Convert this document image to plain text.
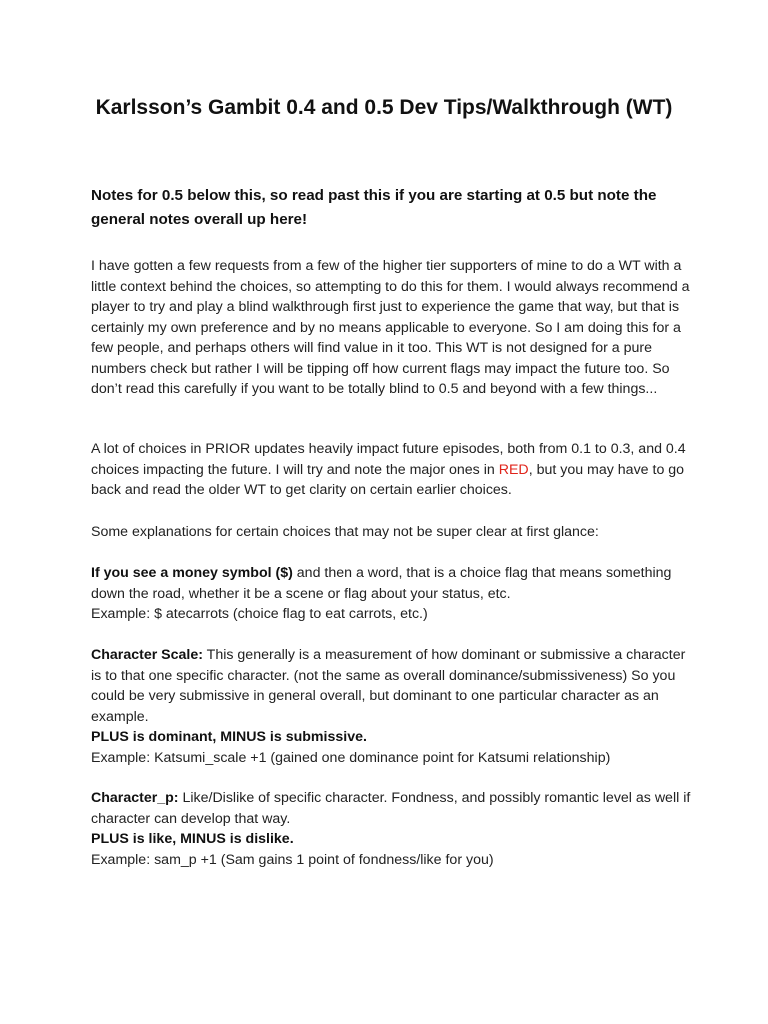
Karlsson’s Gambit 0.4 and 0.5 Dev Tips/Walkthrough (WT)

Notes for 0.5 below this, so read past this if you are starting at 0.5 but note the general notes overall up here!

I have gotten a few requests from a few of the higher tier supporters of mine to do a WT with a little context behind the choices, so attempting to do this for them. I would always recommend a player to try and play a blind walkthrough first just to experience the game that way, but that is certainly my own preference and by no means applicable to everyone. So I am doing this for a few people, and perhaps others will find value in it too. This WT is not designed for a pure numbers check but rather I will be tipping off how current flags may impact the future too. So don’t read this carefully if you want to be totally blind to 0.5 and beyond with a few things...

A lot of choices in PRIOR updates heavily impact future episodes, both from 0.1 to 0.3, and 0.4 choices impacting the future. I will try and note the major ones in RED, but you may have to go back and read the older WT to get clarity on certain earlier choices.

Some explanations for certain choices that may not be super clear at first glance:

If you see a money symbol ($) and then a word, that is a choice flag that means something down the road, whether it be a scene or flag about your status, etc.
Example: $ atecarrots (choice flag to eat carrots, etc.)

Character Scale: This generally is a measurement of how dominant or submissive a character is to that one specific character. (not the same as overall dominance/submissiveness) So you could be very submissive in general overall, but dominant to one particular character as an example.
PLUS is dominant, MINUS is submissive.
Example: Katsumi_scale +1 (gained one dominance point for Katsumi relationship)

Character_p: Like/Dislike of specific character. Fondness, and possibly romantic level as well if character can develop that way.
PLUS is like, MINUS is dislike.
Example: sam_p +1 (Sam gains 1 point of fondness/like for you)
